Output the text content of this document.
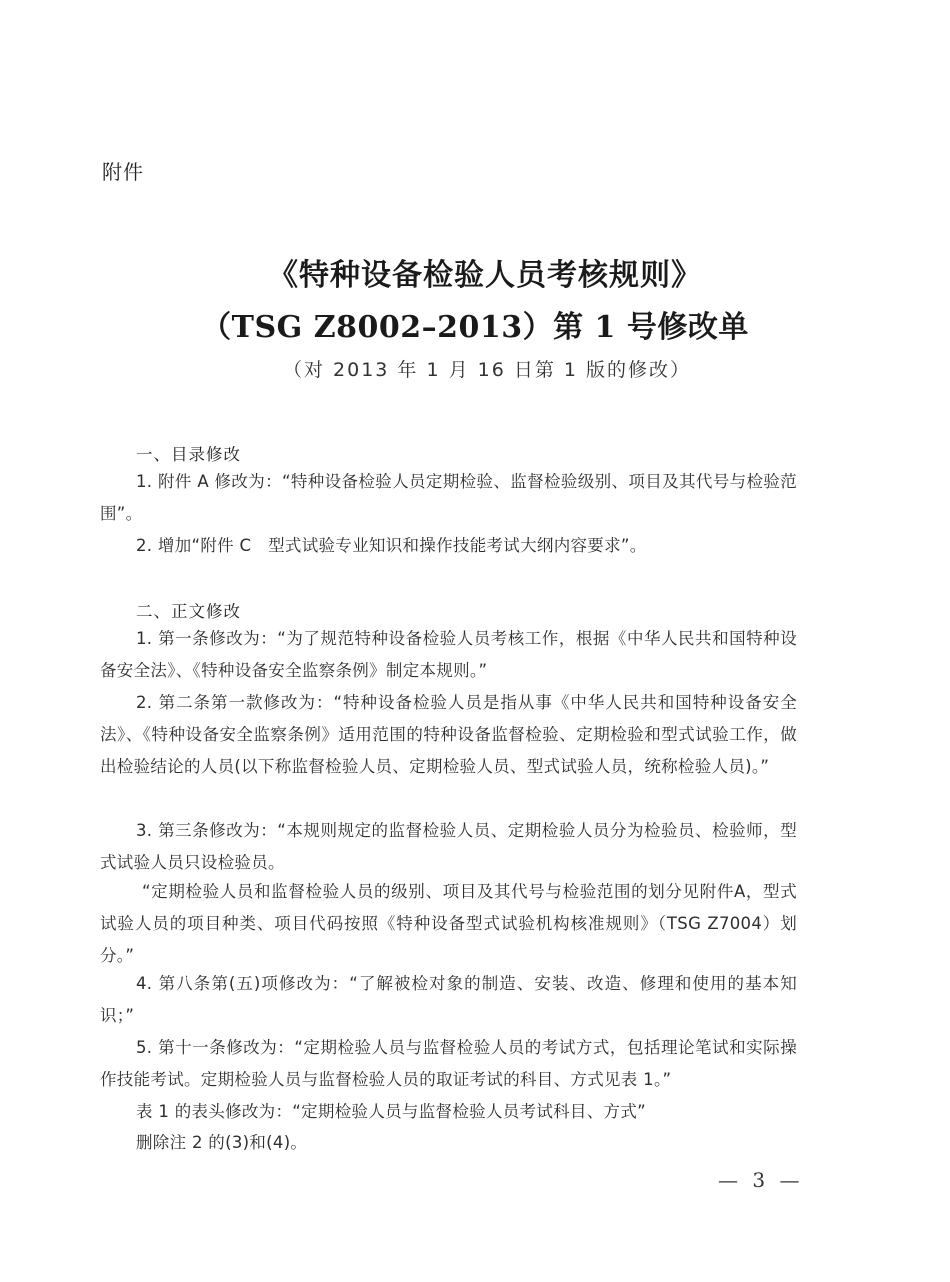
附件
《特种设备检验人员考核规则》
（TSG Z8002–2013）第 1 号修改单
（对 2013 年 1 月 16 日第 1 版的修改）
一、目录修改
1. 附件 A 修改为：“特种设备检验人员定期检验、监督检验级别、项目及其代号与检验范围”。
2. 增加“附件 C　型式试验专业知识和操作技能考试大纲内容要求”。
二、正文修改
1. 第一条修改为：“为了规范特种设备检验人员考核工作，根据《中华人民共和国特种设备安全法》、《特种设备安全监察条例》制定本规则。”
2. 第二条第一款修改为：“特种设备检验人员是指从事《中华人民共和国特种设备安全法》、《特种设备安全监察条例》适用范围的特种设备监督检验、定期检验和型式试验工作，做出检验结论的人员(以下称监督检验人员、定期检验人员、型式试验人员，统称检验人员)。”
3. 第三条修改为：“本规则规定的监督检验人员、定期检验人员分为检验员、检验师，型式试验人员只设检验员。
“定期检验人员和监督检验人员的级别、项目及其代号与检验范围的划分见附件A，型式试验人员的项目种类、项目代码按照《特种设备型式试验机构核准规则》（TSG Z7004）划分。”
4. 第八条第(五)项修改为：“了解被检对象的制造、安装、改造、修理和使用的基本知识；”
5. 第十一条修改为：“定期检验人员与监督检验人员的考试方式，包括理论笔试和实际操作技能考试。定期检验人员与监督检验人员的取证考试的科目、方式见表 1。”
表 1 的表头修改为：“定期检验人员与监督检验人员考试科目、方式”
删除注 2 的(3)和(4)。
— 3 —
